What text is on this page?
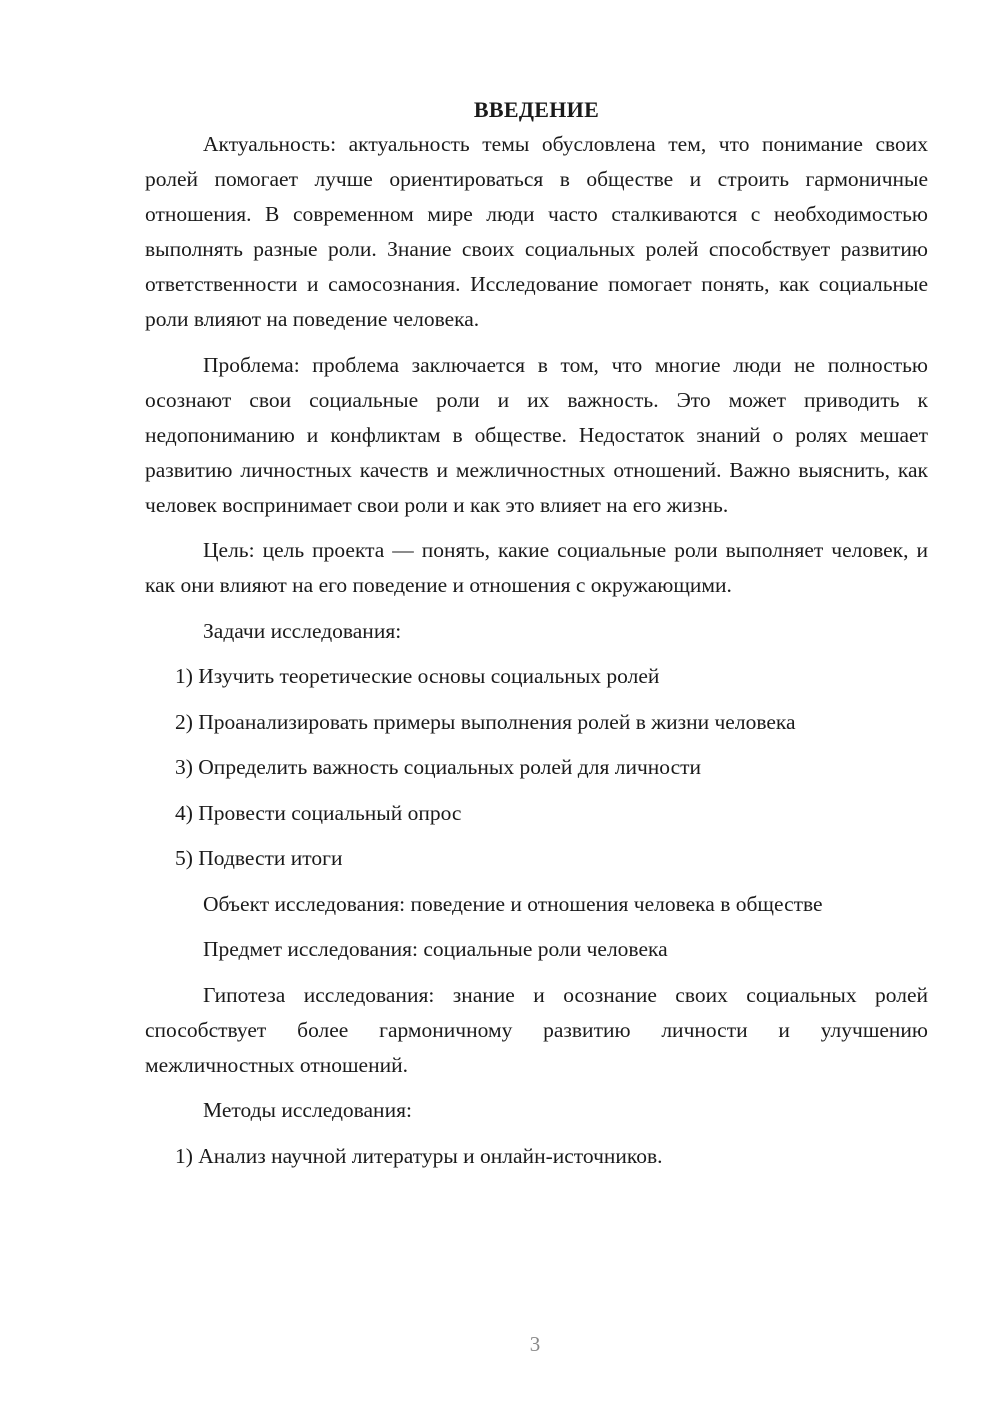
ВВЕДЕНИЕ

Актуальность: актуальность темы обусловлена тем, что понимание своих ролей помогает лучше ориентироваться в обществе и строить гармоничные отношения. В современном мире люди часто сталкиваются с необходимостью выполнять разные роли. Знание своих социальных ролей способствует развитию ответственности и самосознания. Исследование помогает понять, как социальные роли влияют на поведение человека.

Проблема: проблема заключается в том, что многие люди не полностью осознают свои социальные роли и их важность. Это может приводить к недопониманию и конфликтам в обществе. Недостаток знаний о ролях мешает развитию личностных качеств и межличностных отношений. Важно выяснить, как человек воспринимает свои роли и как это влияет на его жизнь.

Цель: цель проекта — понять, какие социальные роли выполняет человек, и как они влияют на его поведение и отношения с окружающими.

Задачи исследования:

1) Изучить теоретические основы социальных ролей

2) Проанализировать примеры выполнения ролей в жизни человека

3) Определить важность социальных ролей для личности

4) Провести социальный опрос

5) Подвести итоги

Объект исследования: поведение и отношения человека в обществе

Предмет исследования: социальные роли человека

Гипотеза исследования: знание и осознание своих социальных ролей способствует более гармоничному развитию личности и улучшению межличностных отношений.

Методы исследования:

1) Анализ научной литературы и онлайн-источников.

3
